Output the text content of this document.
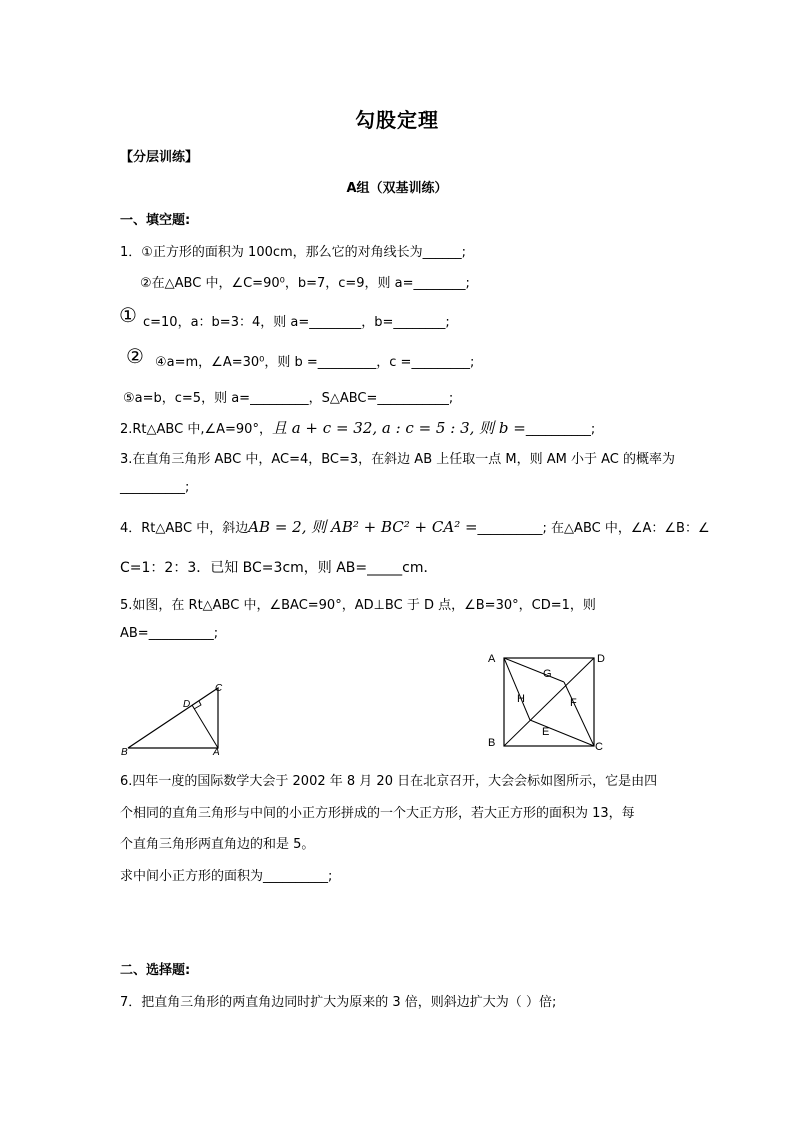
勾股定理
【分层训练】
A组（双基训练）
一、填空题:
1．①正方形的面积为 100cm，那么它的对角线长为______;
②在△ABC 中，∠C=90⁰，b=7，c=9，则 a=________;
① c=10，a：b=3：4，则 a=________，b=________;
② ④a=m，∠A=30⁰，则 b =_________，c =_________;
⑤a=b，c=5，则 a=_________，S△ABC=___________;
2.Rt△ABC 中,∠A=90°，且 a + c = 32, a : c = 5 : 3, 则 b =__________;
3.在直角三角形 ABC 中，AC=4，BC=3，在斜边 AB 上任取一点 M，则 AM 小于 AC 的概率为
__________;
4．Rt△ABC 中，斜边AB = 2, 则 AB² + BC² + CA² =__________; 在△ABC 中，∠A：∠B：∠
C=1：2：3．已知 BC=3cm，则 AB=_____cm．
5.如图，在 Rt△ABC 中，∠BAC=90°，AD⊥BC 于 D 点，∠B=30°，CD=1，则
AB=__________;
B	A
C
D
A	D
B	C
G
H	F
E
6.四年一度的国际数学大会于 2002 年 8 月 20 日在北京召开，大会会标如图所示，它是由四
个相同的直角三角形与中间的小正方形拼成的一个大正方形，若大正方形的面积为 13，每
个直角三角形两直角边的和是 5。
求中间小正方形的面积为__________;
二、选择题:
7．把直角三角形的两直角边同时扩大为原来的 3 倍，则斜边扩大为（ ）倍;
